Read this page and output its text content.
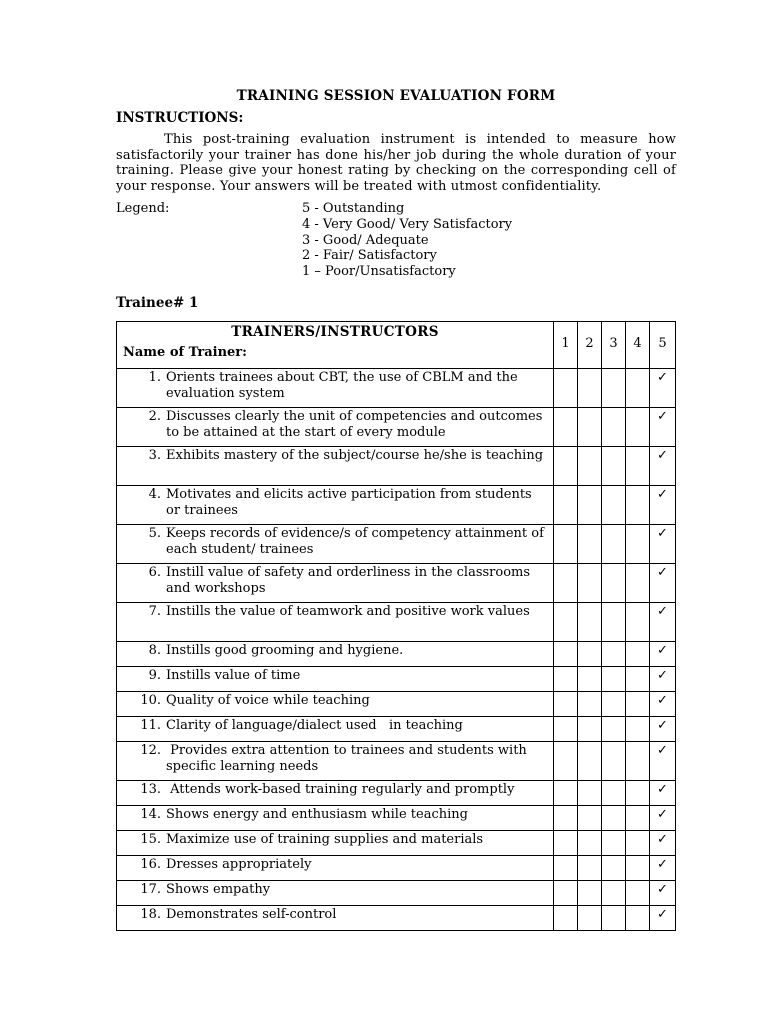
TRAINING SESSION EVALUATION FORM
INSTRUCTIONS:
This post-training evaluation instrument is intended to measure how satisfactorily your trainer has done his/her job during the whole duration of your training. Please give your honest rating by checking on the corresponding cell of your response. Your answers will be treated with utmost confidentiality.
Legend:	5 - Outstanding
4 - Very Good/ Very Satisfactory
3 - Good/ Adequate
2 - Fair/ Satisfactory
1 – Poor/Unsatisfactory
Trainee# 1
TRAINERS/INSTRUCTORS
Name of Trainer:	1	2	3	4	5

1. Orients trainees about CBT, the use of CBLM and the evaluation system					✓

2. Discusses clearly the unit of competencies and outcomes to be attained at the start of every module					✓

3. Exhibits mastery of the subject/course he/she is teaching					✓

4. Motivates and elicits active participation from students or trainees					✓

5. Keeps records of evidence/s of competency attainment of each student/ trainees					✓

6. Instill value of safety and orderliness in the classrooms and workshops					✓

7. Instills the value of teamwork and positive work values					✓

8. Instills good grooming and hygiene.					✓

9. Instills value of time					✓

10. Quality of voice while teaching					✓

11. Clarity of language/dialect used   in teaching					✓

12. Provides extra attention to trainees and students with specific learning needs					✓

13. Attends work-based training regularly and promptly					✓

14. Shows energy and enthusiasm while teaching					✓

15. Maximize use of training supplies and materials					✓

16. Dresses appropriately					✓

17. Shows empathy					✓

18. Demonstrates self-control					✓
